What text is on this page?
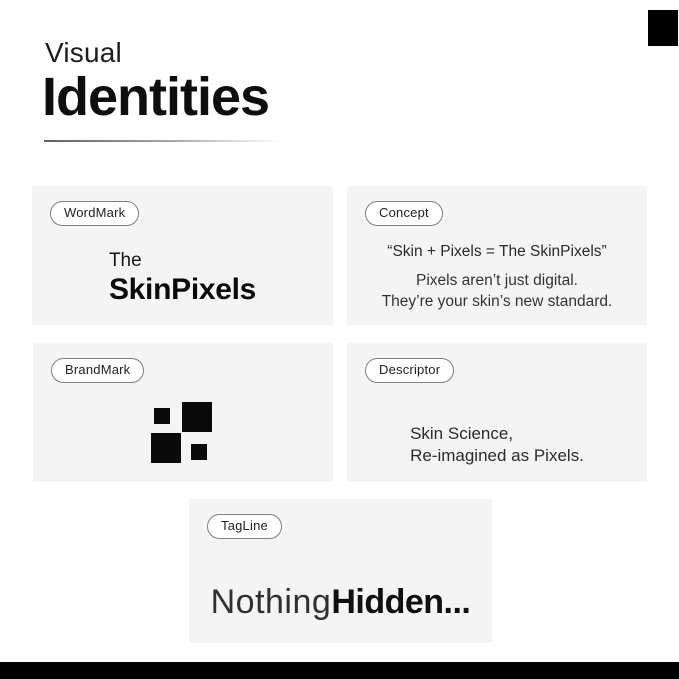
Visual
Identities
WordMark
The
SkinPixels
Concept
“Skin + Pixels = The SkinPixels”
Pixels aren’t just digital.
They’re your skin’s new standard.
BrandMark	Descriptor
Skin Science,
Re-imagined as Pixels.
TagLine
NothingHidden...
